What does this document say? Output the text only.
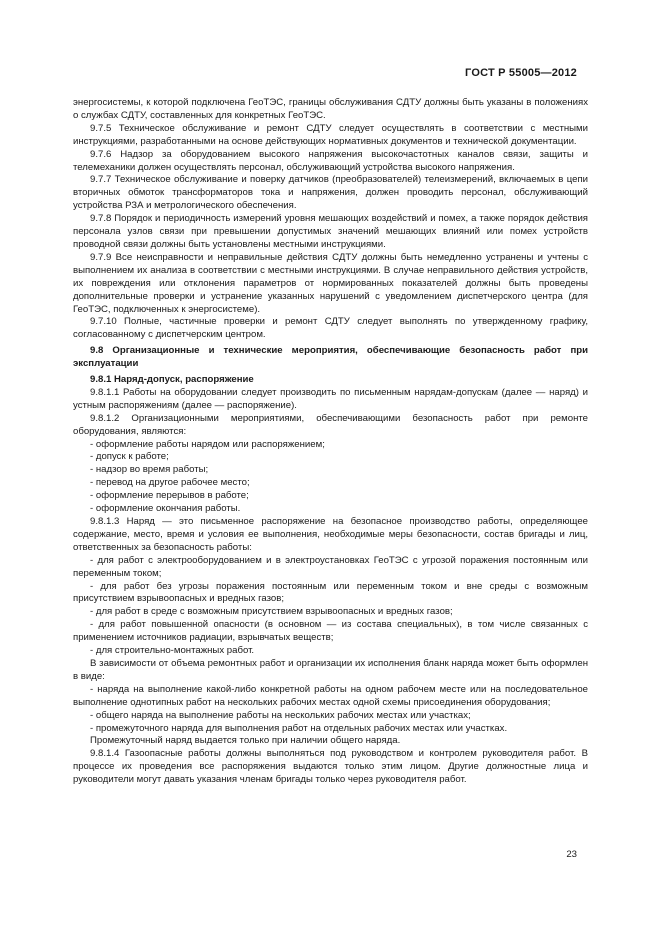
ГОСТ Р 55005—2012

энергосистемы, к которой подключена ГеоТЭС, границы обслуживания СДТУ должны быть указаны в положениях о службах СДТУ, составленных для конкретных ГеоТЭС.

9.7.5 Техническое обслуживание и ремонт СДТУ следует осуществлять в соответствии с местными инструкциями, разработанными на основе действующих нормативных документов и технической документации.

9.7.6 Надзор за оборудованием высокого напряжения высокочастотных каналов связи, защиты и телемеханики должен осуществлять персонал, обслуживающий устройства высокого напряжения.

9.7.7 Техническое обслуживание и поверку датчиков (преобразователей) телеизмерений, включаемых в цепи вторичных обмоток трансформаторов тока и напряжения, должен проводить персонал, обслуживающий устройства РЗА и метрологического обеспечения.

9.7.8 Порядок и периодичность измерений уровня мешающих воздействий и помех, а также порядок действия персонала узлов связи при превышении допустимых значений мешающих влияний или помех устройств проводной связи должны быть установлены местными инструкциями.

9.7.9 Все неисправности и неправильные действия СДТУ должны быть немедленно устранены и учтены с выполнением их анализа в соответствии с местными инструкциями. В случае неправильного действия устройств, их повреждения или отклонения параметров от нормированных показателей должны быть проведены дополнительные проверки и устранение указанных нарушений с уведомлением диспетчерского центра (для ГеоТЭС, подключенных к энергосистеме).

9.7.10 Полные, частичные проверки и ремонт СДТУ следует выполнять по утвержденному графику, согласованному с диспетчерским центром.

9.8 Организационные и технические мероприятия, обеспечивающие безопасность работ при эксплуатации

9.8.1 Наряд-допуск, распоряжение

9.8.1.1 Работы на оборудовании следует производить по письменным нарядам-допускам (далее — наряд) и устным распоряжениям (далее — распоряжение).

9.8.1.2 Организационными мероприятиями, обеспечивающими безопасность работ при ремонте оборудования, являются:

- оформление работы нарядом или распоряжением;

- допуск к работе;

- надзор во время работы;

- перевод на другое рабочее место;

- оформление перерывов в работе;

- оформление окончания работы.

9.8.1.3 Наряд — это письменное распоряжение на безопасное производство работы, определяющее содержание, место, время и условия ее выполнения, необходимые меры безопасности, состав бригады и лиц, ответственных за безопасность работы:

- для работ с электрооборудованием и в электроустановках ГеоТЭС с угрозой поражения постоянным или переменным током;

- для работ без угрозы поражения постоянным или переменным током и вне среды с возможным присутствием взрывоопасных и вредных газов;

- для работ в среде с возможным присутствием взрывоопасных и вредных газов;

- для работ повышенной опасности (в основном — из состава специальных), в том числе связанных с применением источников радиации, взрывчатых веществ;

- для строительно-монтажных работ.

В зависимости от объема ремонтных работ и организации их исполнения бланк наряда может быть оформлен в виде:

- наряда на выполнение какой-либо конкретной работы на одном рабочем месте или на последовательное выполнение однотипных работ на нескольких рабочих местах одной схемы присоединения оборудования;

- общего наряда на выполнение работы на нескольких рабочих местах или участках;

- промежуточного наряда для выполнения работ на отдельных рабочих местах или участках.

Промежуточный наряд выдается только при наличии общего наряда.

9.8.1.4 Газоопасные работы должны выполняться под руководством и контролем руководителя работ. В процессе их проведения все распоряжения выдаются только этим лицом. Другие должностные лица и руководители могут давать указания членам бригады только через руководителя работ.

23
